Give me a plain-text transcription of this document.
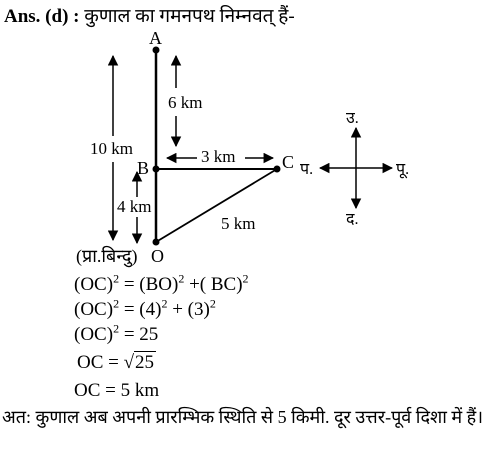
Ans. (d) : कुणाल का गमनपथ निम्नवत् हैं-
A
B	C
O
6 km
10 km	3 km
4 km
5 km
(प्रा.बिन्दु)
उ.
द.
पू.
प.
(OC)$^2$ = (BO)$^2$ +( BC)$^2$
$(OC)^2 = (4)^2 + (3)^2$
(OC)$^2$ = 25
OC = √25
OC = 5 km
अत: कुणाल अब अपनी प्रारम्भिक स्थिति से 5 किमी. दूर उत्तर-पूर्व दिशा में हैं।
